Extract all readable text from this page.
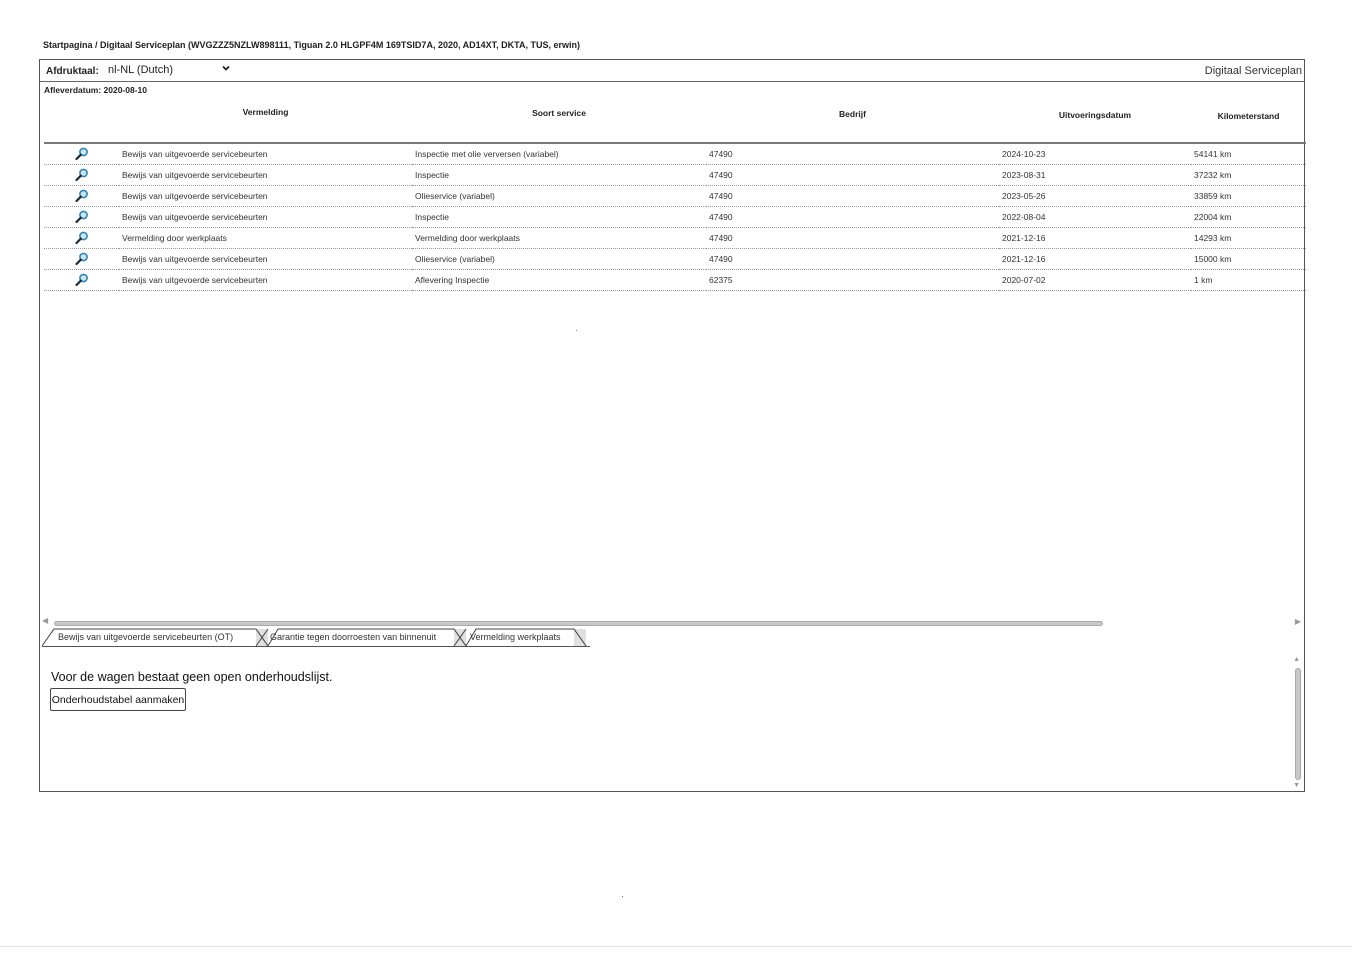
Startpagina / Digitaal Serviceplan (WVGZZZ5NZLW898111, Tiguan 2.0 HLGPF4M 169TSID7A, 2020, AD14XT, DKTA, TUS, erwin)
Afdruktaal: nl-NL (Dutch)	Digitaal Serviceplan
Afleverdatum: 2020-08-10
	Vermelding	Soort service	Bedrijf	Uitvoeringsdatum	Kilometerstand
	Bewijs van uitgevoerde servicebeurten	Inspectie met olie verversen (variabel)	47490	2024-10-23	54141 km
	Bewijs van uitgevoerde servicebeurten	Inspectie	47490	2023-08-31	37232 km
	Bewijs van uitgevoerde servicebeurten	Olieservice (variabel)	47490	2023-05-26	33859 km
	Bewijs van uitgevoerde servicebeurten	Inspectie	47490	2022-08-04	22004 km
	Vermelding door werkplaats	Vermelding door werkplaats	47490	2021-12-16	14293 km
	Bewijs van uitgevoerde servicebeurten	Olieservice (variabel)	47490	2021-12-16	15000 km
	Bewijs van uitgevoerde servicebeurten	Aflevering Inspectie	62375	2020-07-02	1 km
◀	▶
Bewijs van uitgevoerde servicebeurten (OT)	Garantie tegen doorroesten van binnenuit	Vermelding werkplaats
Voor de wagen bestaat geen open onderhoudslijst.
Onderhoudstabel aanmaken
▲
▼
